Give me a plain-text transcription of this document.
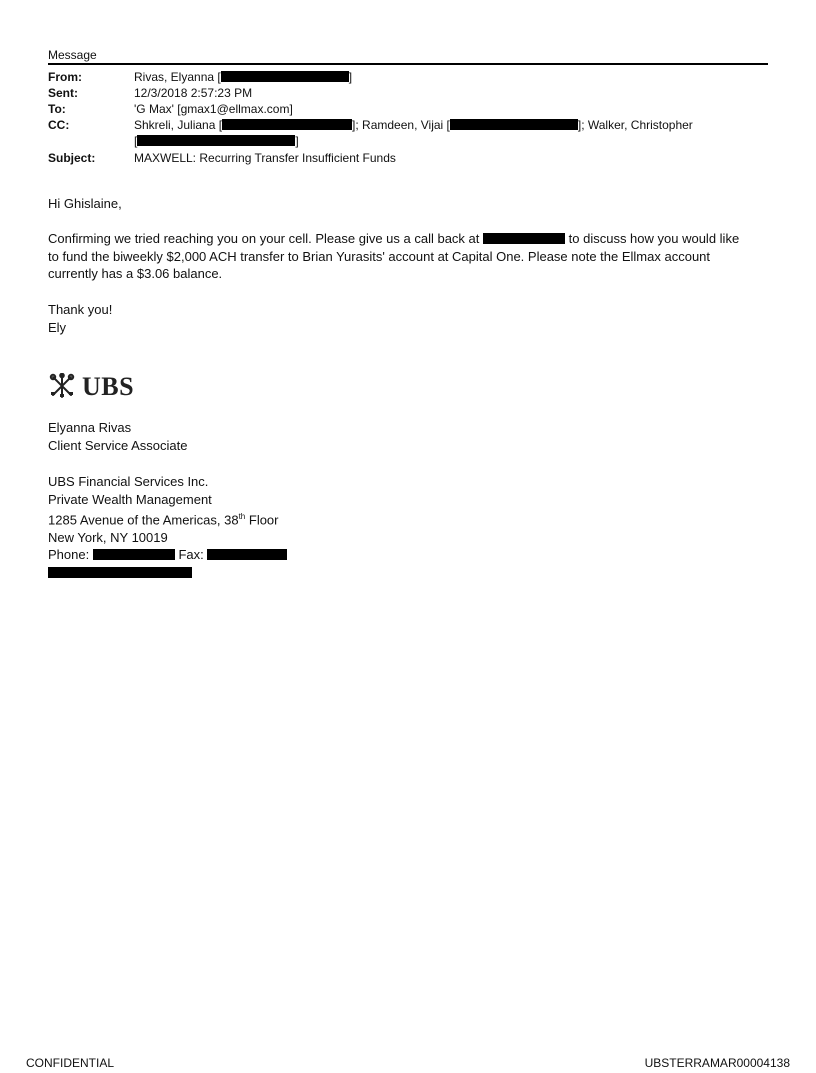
Message
From:	Rivas, Elyanna [	]
Sent:	12/3/2018 2:57:23 PM
To:	'G Max' [gmax1@ellmax.com]
CC:	Shkreli, Juliana [	]; Ramdeen, Vijai [	]; Walker, Christopher
[	]
Subject:	MAXWELL: Recurring Transfer Insufficient Funds
Hi Ghislaine,
Confirming we tried reaching you on your cell. Please give us a call back at	to discuss how you would like
to fund the biweekly $2,000 ACH transfer to Brian Yurasits' account at Capital One. Please note the Ellmax account
currently has a $3.06 balance.
Thank you!
Ely
UBS
Elyanna Rivas
Client Service Associate
UBS Financial Services Inc.
Private Wealth Management
1285 Avenue of the Americas, 38th Floor
New York, NY 10019
Phone:	Fax:
CONFIDENTIAL	UBSTERRAMAR00004138
